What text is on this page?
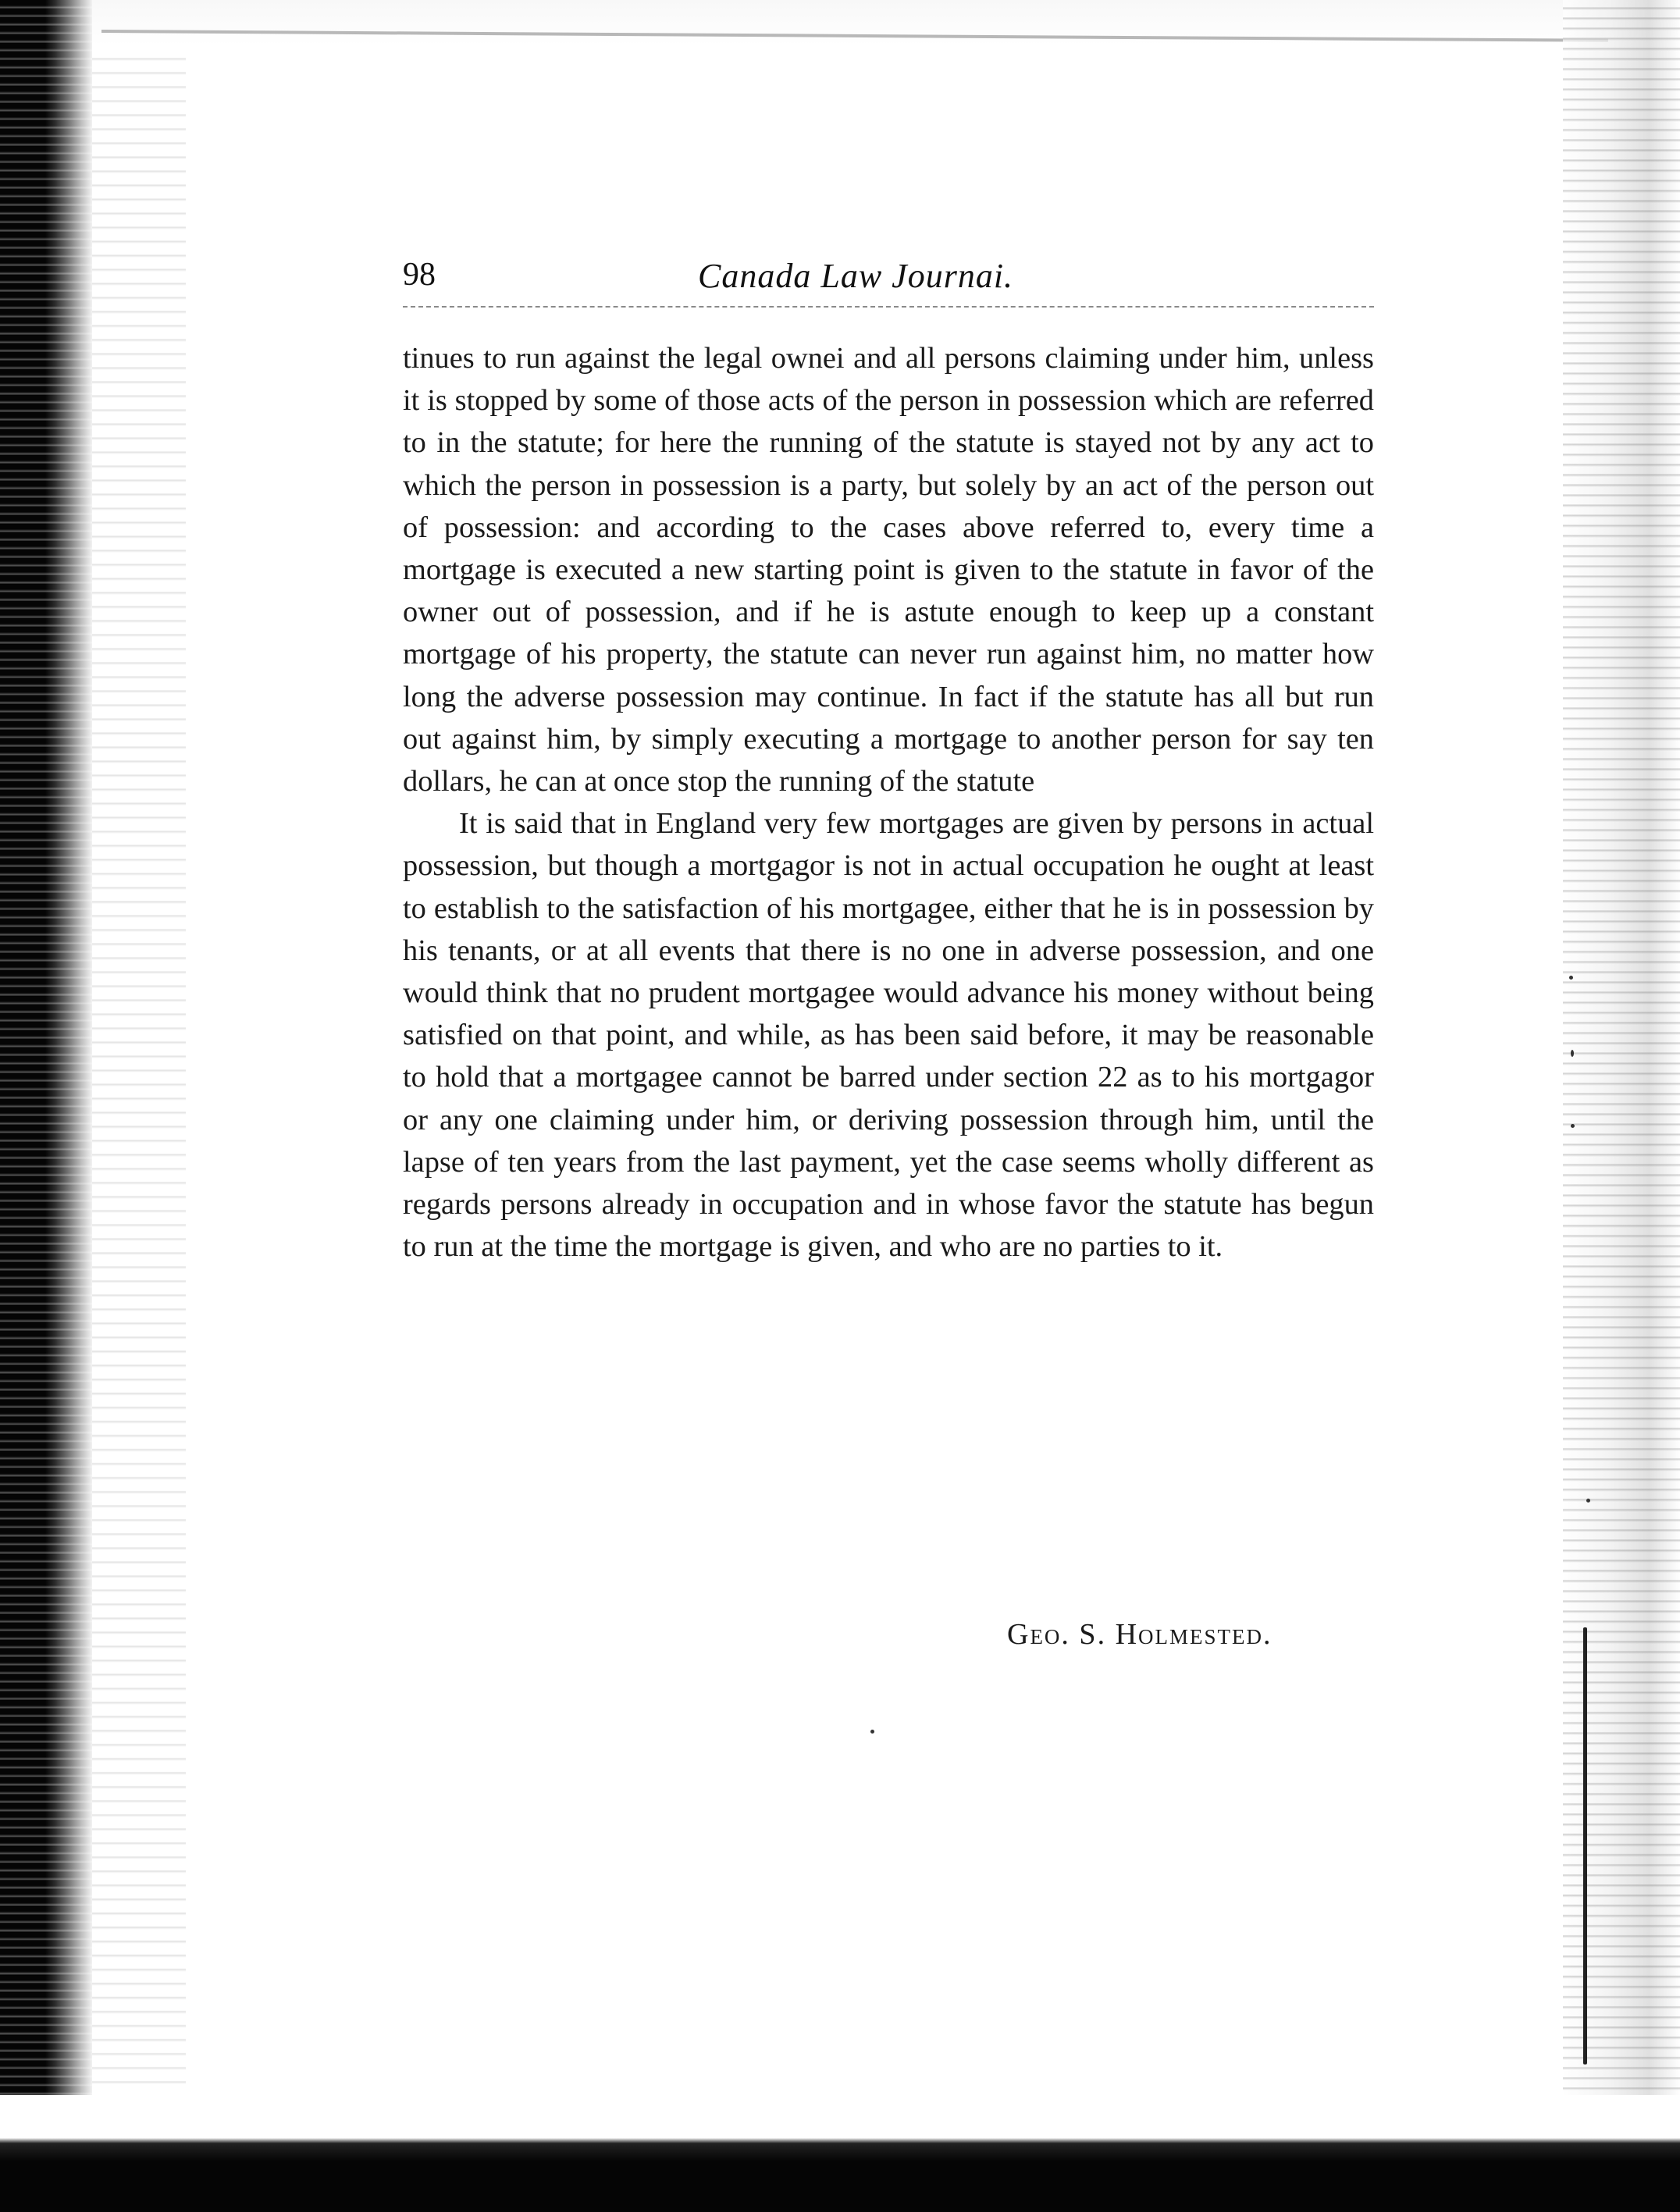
98	Canada Law Journai.

tinues to run against the legal ownei and all persons claiming under him, unless it is stopped by some of those acts of the person in possession which are referred to in the statute; for here the running of the statute is stayed not by any act to which the person in possession is a party, but solely by an act of the person out of possession: and according to the cases above referred to, every time a mortgage is executed a new starting point is given to the statute in favor of the owner out of possession, and if he is astute enough to keep up a constant mortgage of his property, the statute can never run against him, no matter how long the adverse possession may continue. In fact if the statute has all but run out against him, by simply executing a mortgage to another person for say ten dollars, he can at once stop the running of the statute

It is said that in England very few mortgages are given by persons in actual possession, but though a mortgagor is not in actual occupation he ought at least to establish to the satisfaction of his mortgagee, either that he is in possession by his tenants, or at all events that there is no one in adverse possession, and one would think that no prudent mortgagee would advance his money without being satisfied on that point, and while, as has been said before, it may be reasonable to hold that a mortgagee cannot be barred under section 22 as to his mortgagor or any one claiming under him, or deriving possession through him, until the lapse of ten years from the last payment, yet the case seems wholly different as regards persons already in occupation and in whose favor the statute has begun to run at the time the mortgage is given, and who are no parties to it.

Geo. S. Holmested.
